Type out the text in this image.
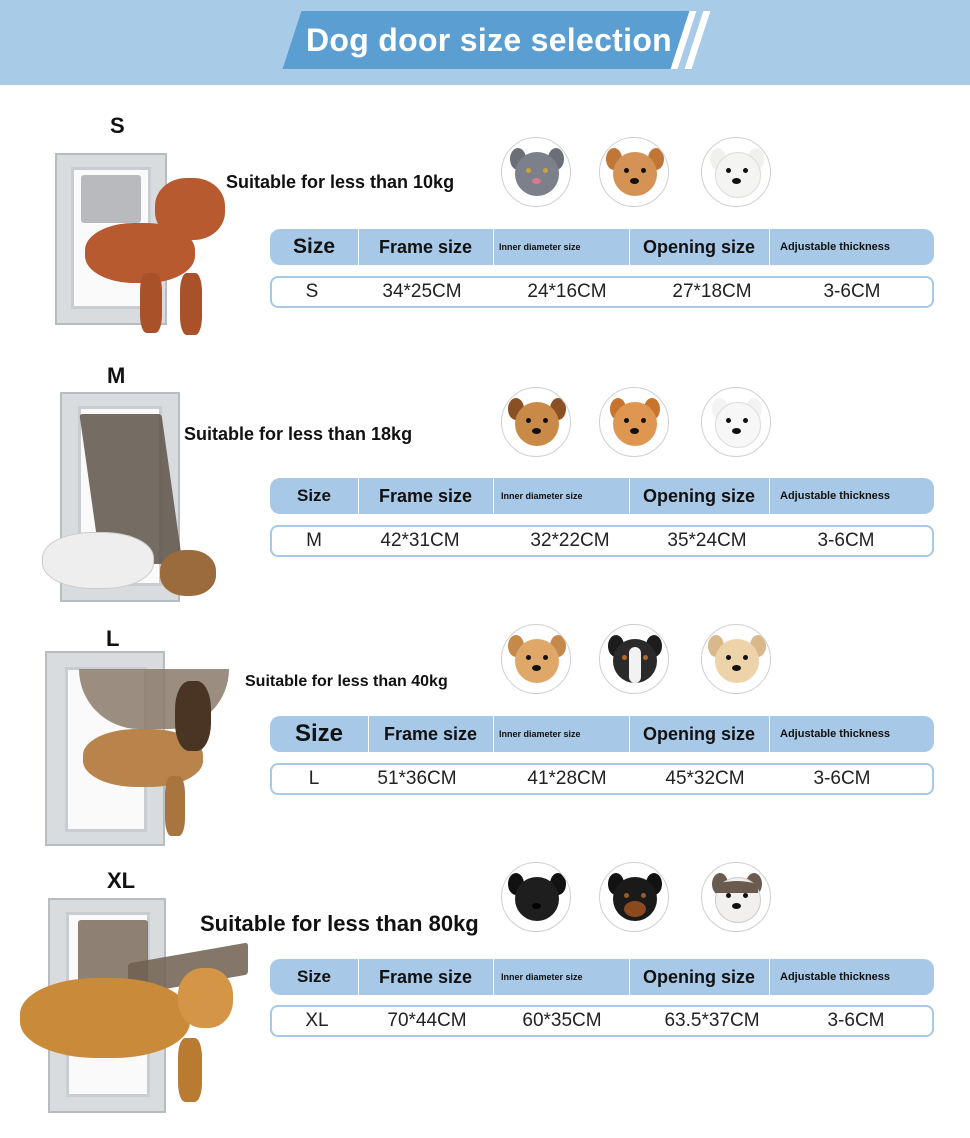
Dog door size selection
S
Suitable for less than 10kg
Size	Frame size	Inner diameter size	Opening size	Adjustable thickness
S	34*25CM	24*16CM	27*18CM	3-6CM
M
Suitable for less than 18kg
Size	Frame size	Inner diameter size	Opening size	Adjustable thickness
M	42*31CM	32*22CM	35*24CM	3-6CM
L
Suitable for less than 40kg
Size	Frame size	Inner diameter size	Opening size	Adjustable thickness
L	51*36CM	41*28CM	45*32CM	3-6CM
XL
Suitable for less than 80kg
Size	Frame size	Inner diameter size	Opening size	Adjustable thickness
XL	70*44CM	60*35CM	63.5*37CM	3-6CM
